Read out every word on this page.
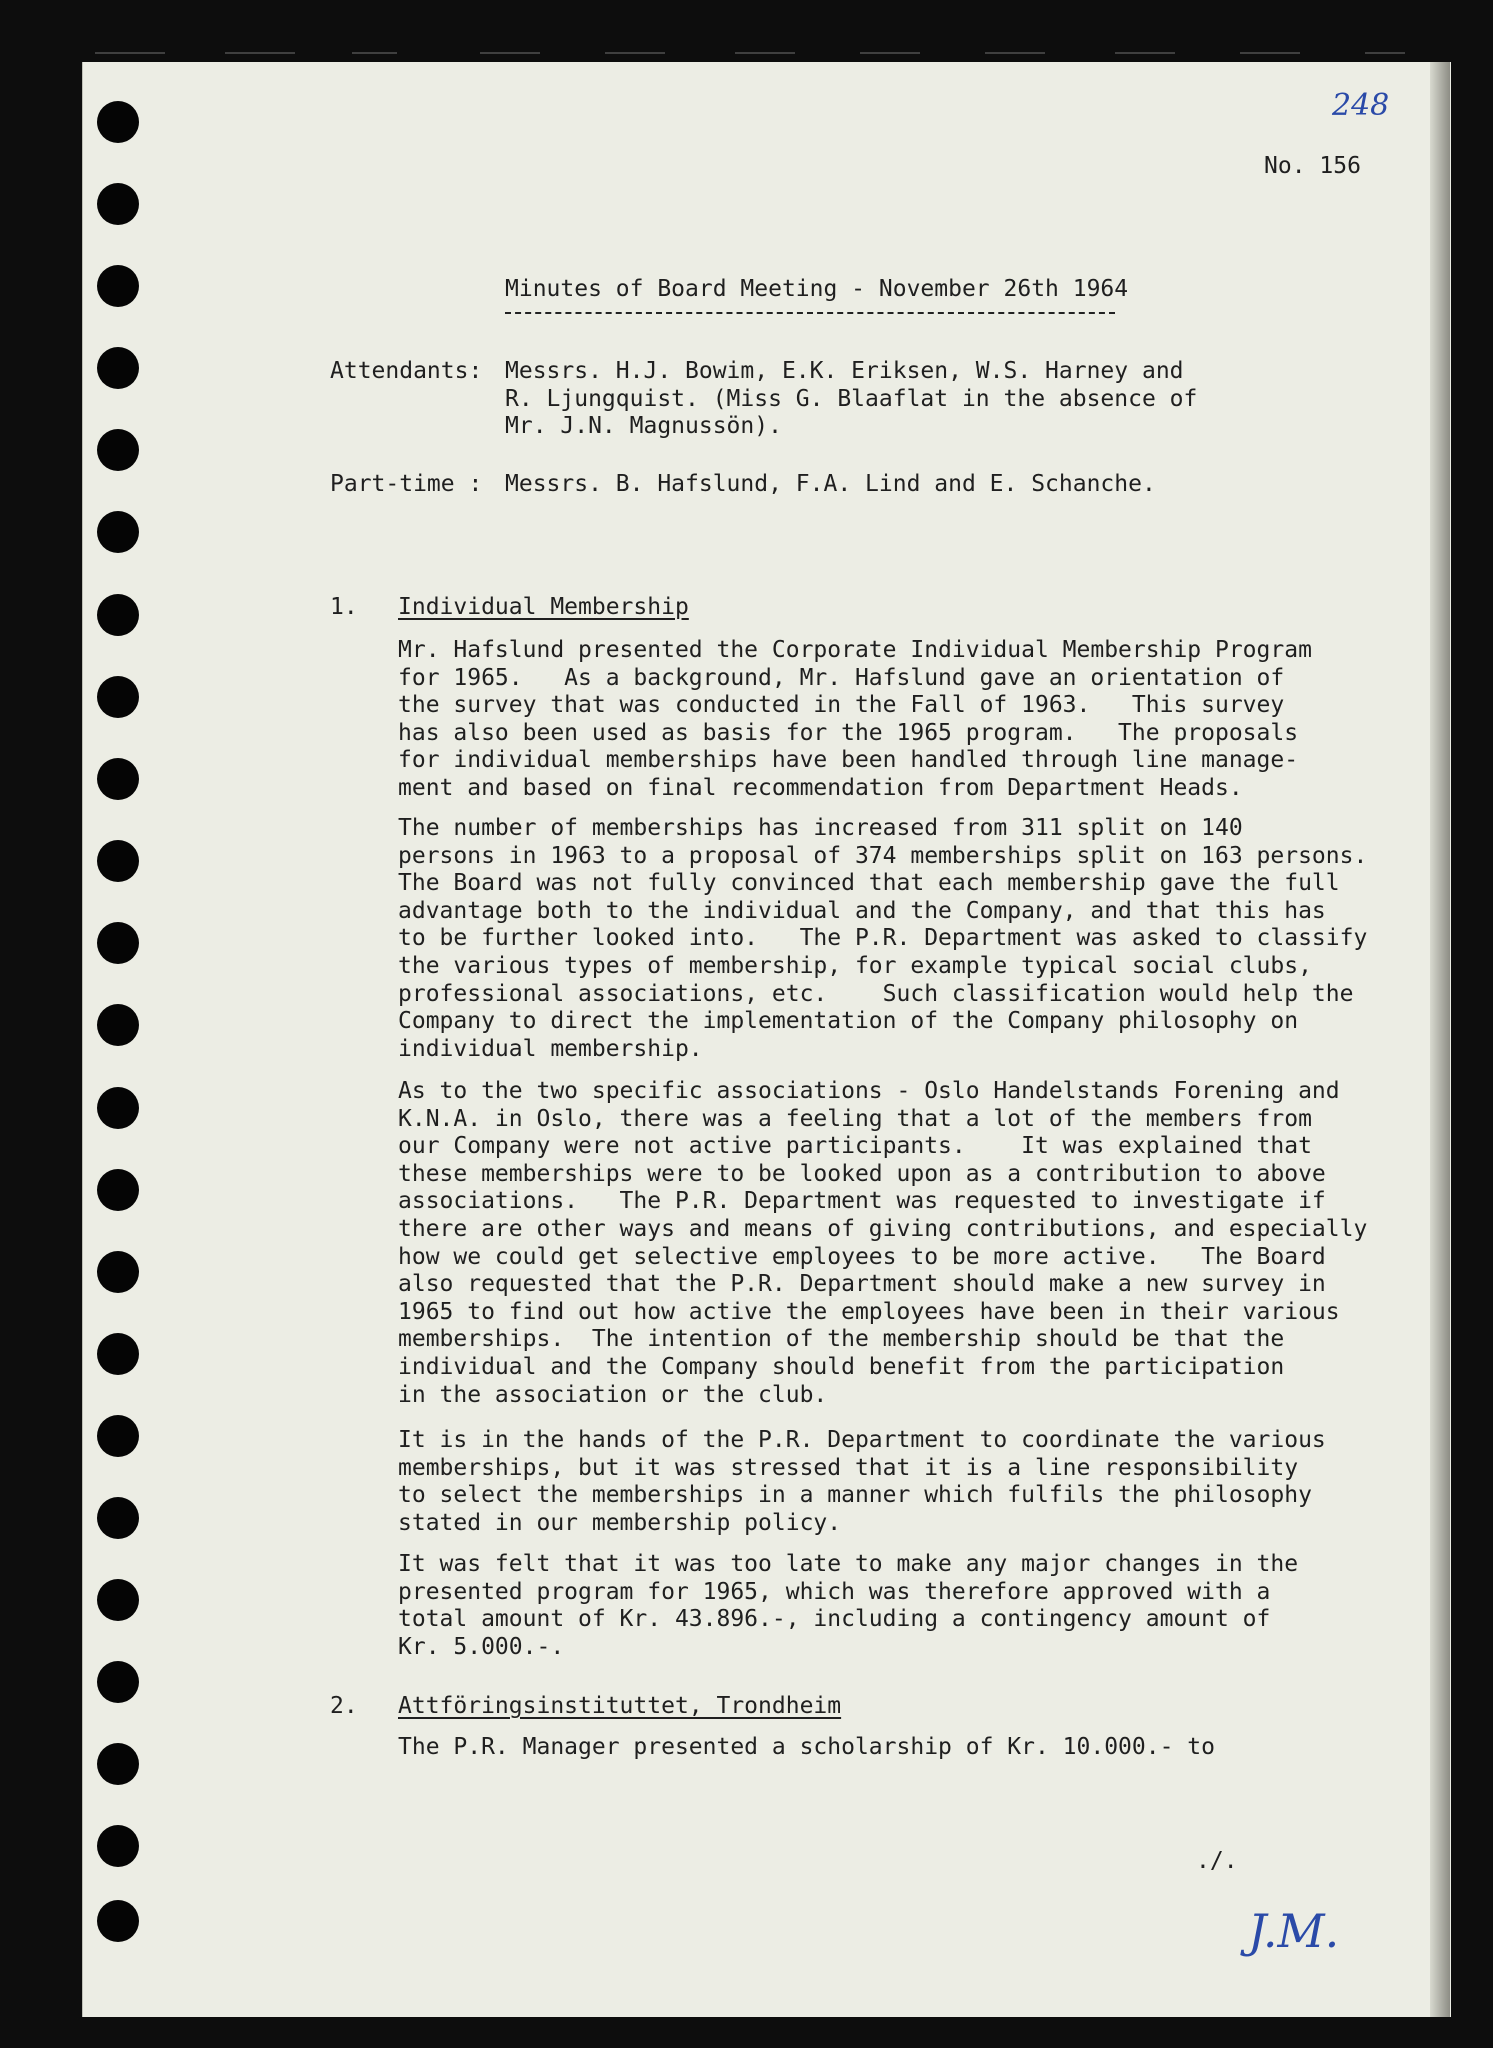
248
No. 156
Minutes of Board Meeting - November 26th 1964
Attendants: Messrs. H.J. Bowim, E.K. Eriksen, W.S. Harney and
R. Ljungquist. (Miss G. Blaaflat in the absence of
Mr. J.N. Magnussön).
Part-time : Messrs. B. Hafslund, F.A. Lind and E. Schanche.
1. Individual Membership
Mr. Hafslund presented the Corporate Individual Membership Program
for 1965.   As a background, Mr. Hafslund gave an orientation of
the survey that was conducted in the Fall of 1963.   This survey
has also been used as basis for the 1965 program.   The proposals
for individual memberships have been handled through line manage-
ment and based on final recommendation from Department Heads.
The number of memberships has increased from 311 split on 140
persons in 1963 to a proposal of 374 memberships split on 163 persons.
The Board was not fully convinced that each membership gave the full
advantage both to the individual and the Company, and that this has
to be further looked into.   The P.R. Department was asked to classify
the various types of membership, for example typical social clubs,
professional associations, etc.    Such classification would help the
Company to direct the implementation of the Company philosophy on
individual membership.
As to the two specific associations - Oslo Handelstands Forening and
K.N.A. in Oslo, there was a feeling that a lot of the members from
our Company were not active participants.    It was explained that
these memberships were to be looked upon as a contribution to above
associations.   The P.R. Department was requested to investigate if
there are other ways and means of giving contributions, and especially
how we could get selective employees to be more active.   The Board
also requested that the P.R. Department should make a new survey in
1965 to find out how active the employees have been in their various
memberships.  The intention of the membership should be that the
individual and the Company should benefit from the participation
in the association or the club.
It is in the hands of the P.R. Department to coordinate the various
memberships, but it was stressed that it is a line responsibility
to select the memberships in a manner which fulfils the philosophy
stated in our membership policy.
It was felt that it was too late to make any major changes in the
presented program for 1965, which was therefore approved with a
total amount of Kr. 43.896.-, including a contingency amount of
Kr. 5.000.-.
2. Attföringsinstituttet, Trondheim
The P.R. Manager presented a scholarship of Kr. 10.000.- to
./.
J.M.
